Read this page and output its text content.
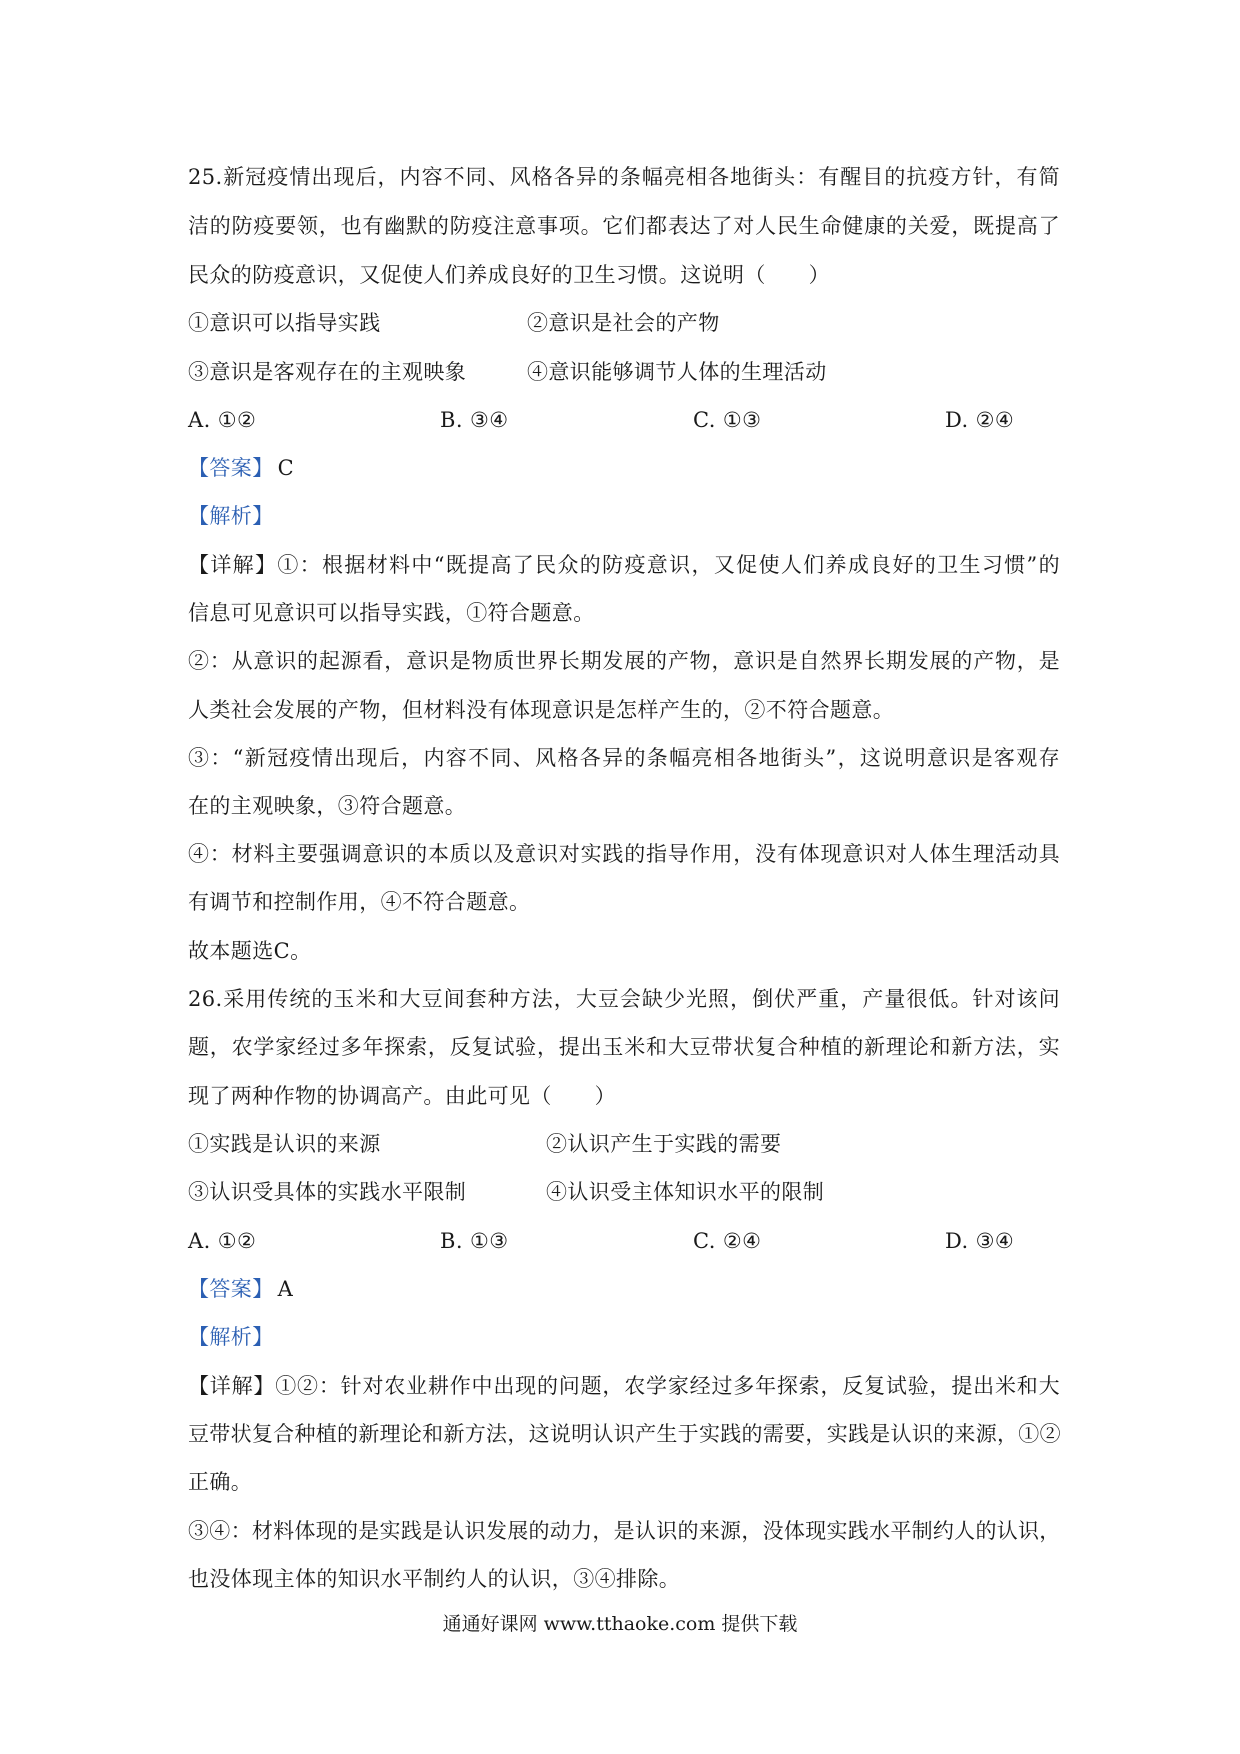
25.新冠疫情出现后，内容不同、风格各异的条幅亮相各地街头：有醒目的抗疫方针，有简
洁的防疫要领，也有幽默的防疫注意事项。它们都表达了对人民生命健康的关爱，既提高了
民众的防疫意识，又促使人们养成良好的卫生习惯。这说明（　　）
①意识可以指导实践	②意识是社会的产物
③意识是客观存在的主观映象	④意识能够调节人体的生理活动
A. ①②	B. ③④	C. ①③	D. ②④
【答案】 C
【解析】
【详解】①：根据材料中“既提高了民众的防疫意识，又促使人们养成良好的卫生习惯”的
信息可见意识可以指导实践，①符合题意。
②：从意识的起源看，意识是物质世界长期发展的产物，意识是自然界长期发展的产物，是
人类社会发展的产物，但材料没有体现意识是怎样产生的，②不符合题意。
③：“新冠疫情出现后，内容不同、风格各异的条幅亮相各地街头”，这说明意识是客观存
在的主观映象，③符合题意。
④：材料主要强调意识的本质以及意识对实践的指导作用，没有体现意识对人体生理活动具
有调节和控制作用，④不符合题意。
故本题选C。
26.采用传统的玉米和大豆间套种方法，大豆会缺少光照，倒伏严重，产量很低。针对该问
题，农学家经过多年探索，反复试验，提出玉米和大豆带状复合种植的新理论和新方法，实
现了两种作物的协调高产。由此可见（　　）
①实践是认识的来源	②认识产生于实践的需要
③认识受具体的实践水平限制	④认识受主体知识水平的限制
A. ①②	B. ①③	C. ②④	D. ③④
【答案】 A
【解析】
【详解】①②：针对农业耕作中出现的问题，农学家经过多年探索，反复试验，提出米和大
豆带状复合种植的新理论和新方法，这说明认识产生于实践的需要，实践是认识的来源，①②
正确。
③④：材料体现的是实践是认识发展的动力，是认识的来源，没体现实践水平制约人的认识，
也没体现主体的知识水平制约人的认识，③④排除。
通通好课网 www.tthaoke.com 提供下载
